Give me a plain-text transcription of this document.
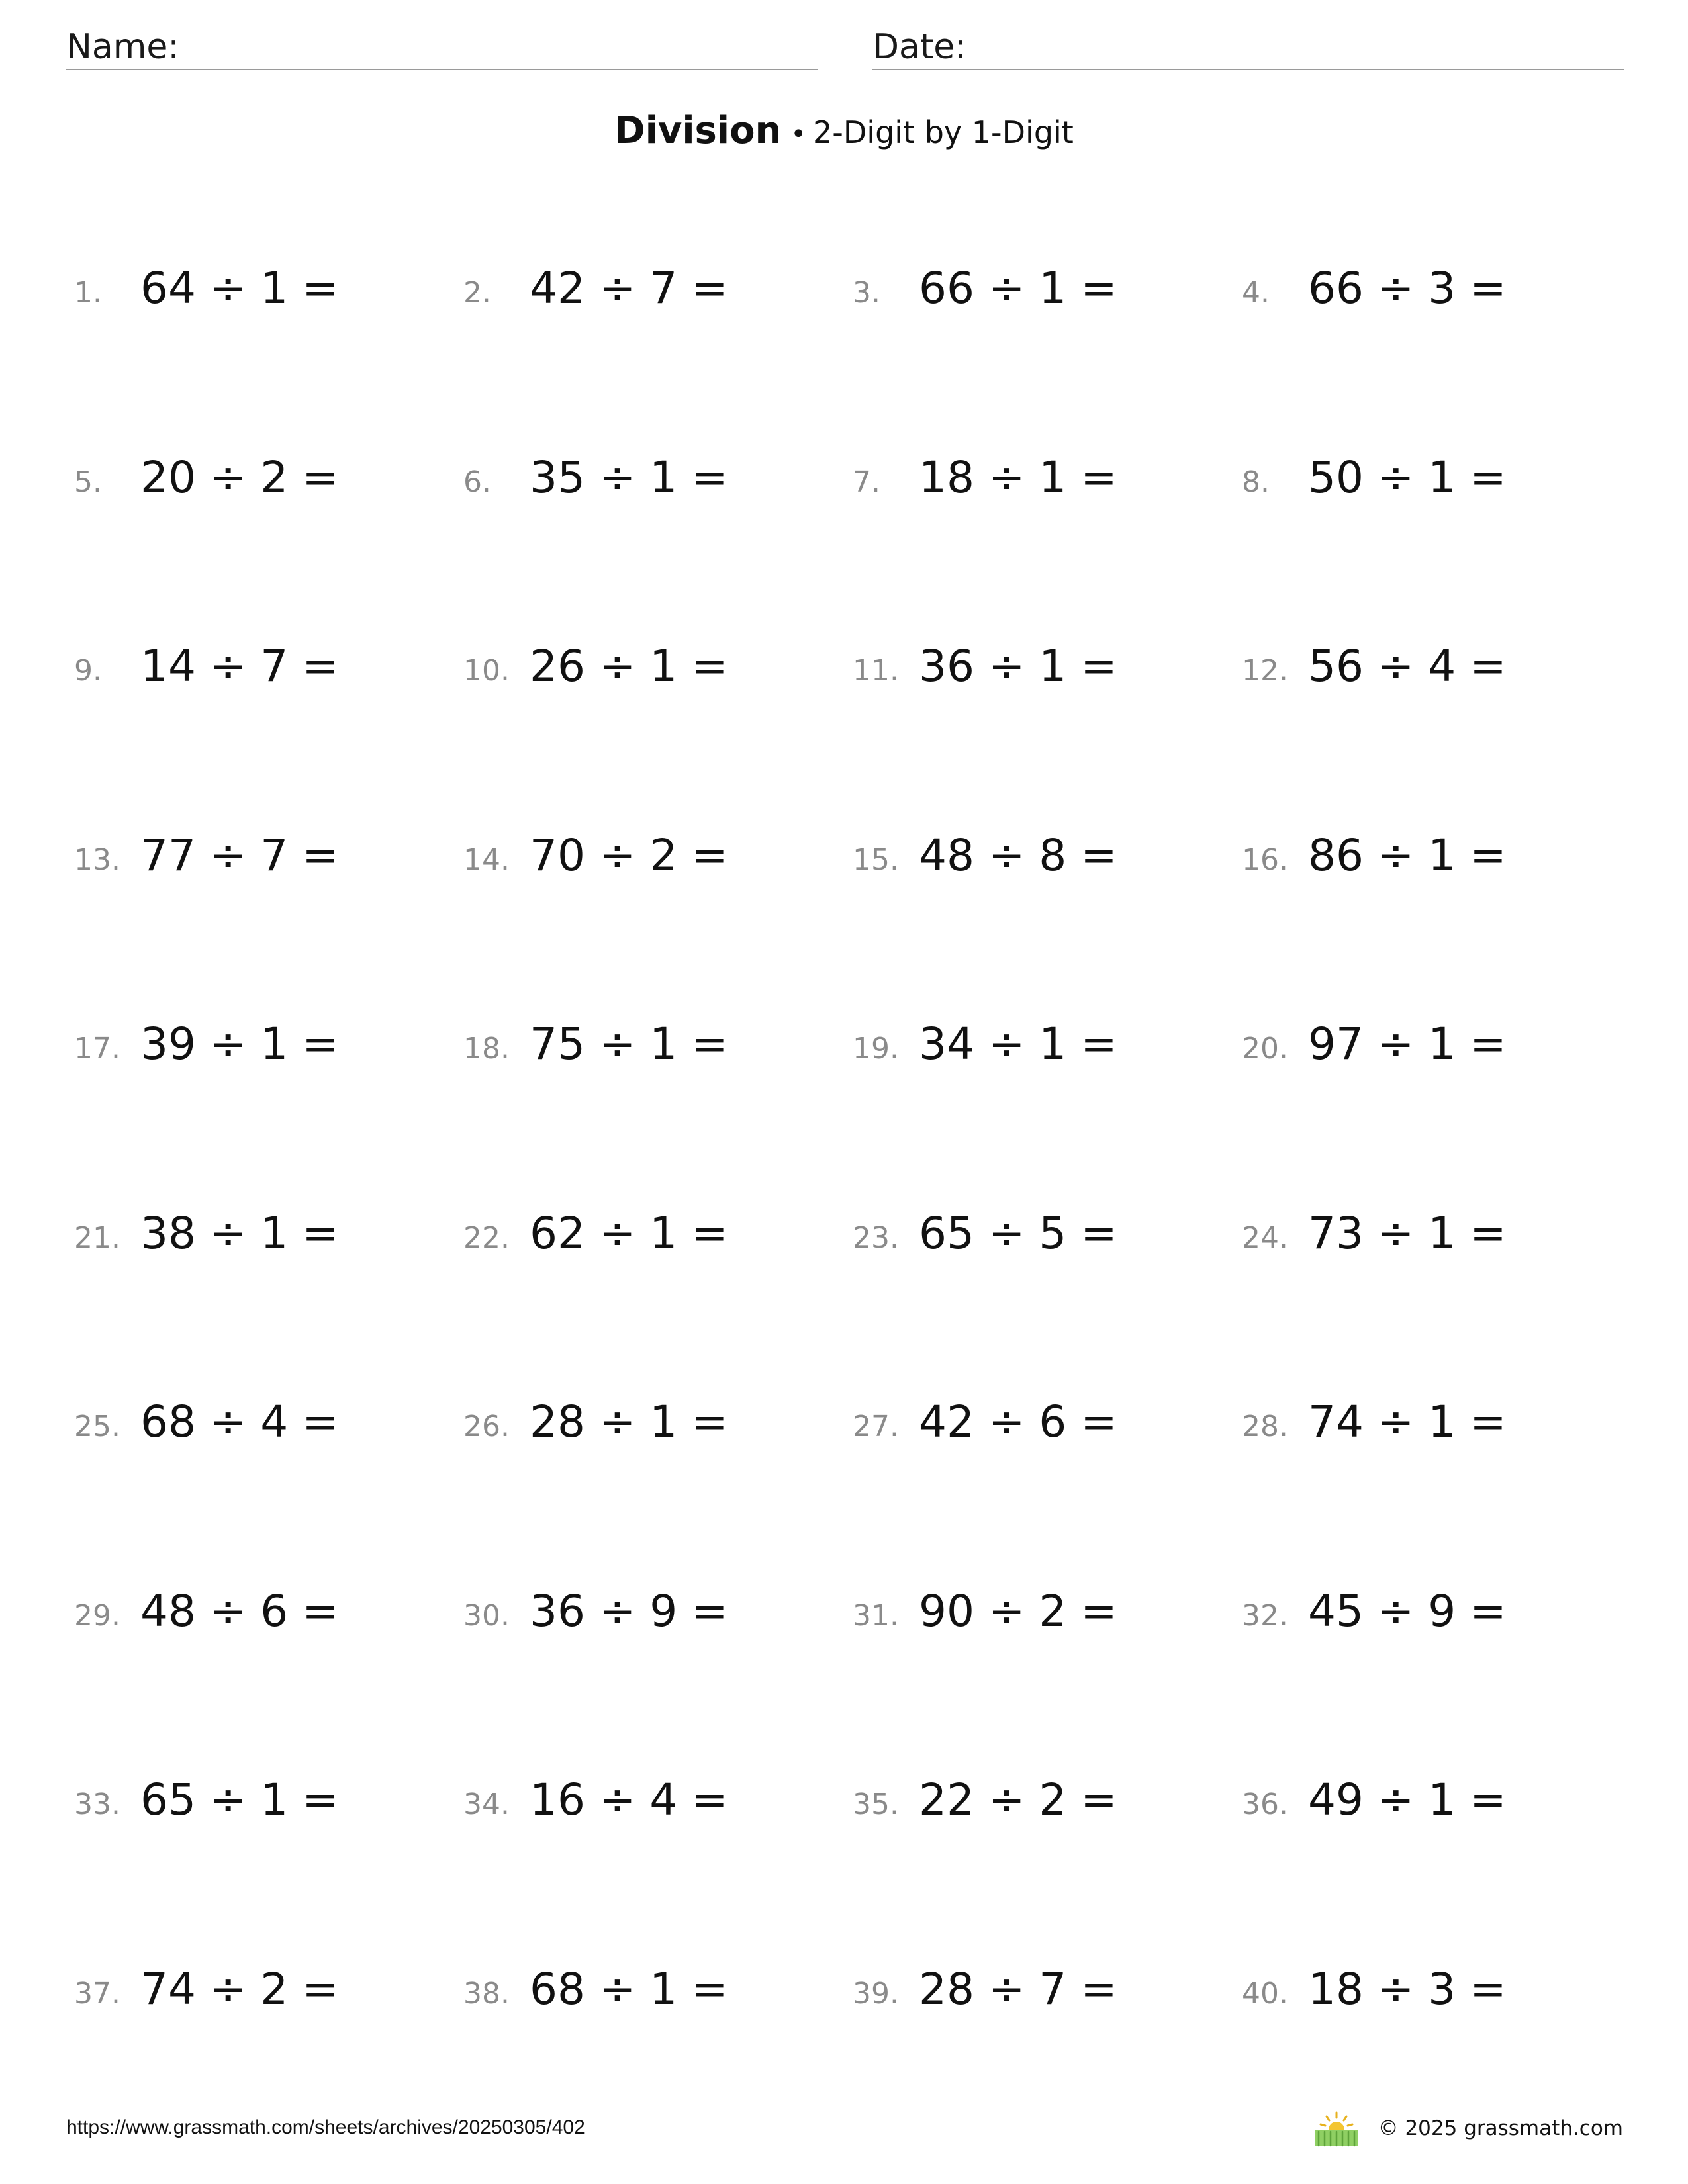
Name:	Date:
Division • 2-Digit by 1-Digit
1. 64 ÷ 1 =	2. 42 ÷ 7 =	3. 66 ÷ 1 =	4. 66 ÷ 3 =
5. 20 ÷ 2 =	6. 35 ÷ 1 =	7. 18 ÷ 1 =	8. 50 ÷ 1 =
9. 14 ÷ 7 =	10. 26 ÷ 1 =	11. 36 ÷ 1 =	12. 56 ÷ 4 =
13. 77 ÷ 7 =	14. 70 ÷ 2 =	15. 48 ÷ 8 =	16. 86 ÷ 1 =
17. 39 ÷ 1 =	18. 75 ÷ 1 =	19. 34 ÷ 1 =	20. 97 ÷ 1 =
21. 38 ÷ 1 =	22. 62 ÷ 1 =	23. 65 ÷ 5 =	24. 73 ÷ 1 =
25. 68 ÷ 4 =	26. 28 ÷ 1 =	27. 42 ÷ 6 =	28. 74 ÷ 1 =
29. 48 ÷ 6 =	30. 36 ÷ 9 =	31. 90 ÷ 2 =	32. 45 ÷ 9 =
33. 65 ÷ 1 =	34. 16 ÷ 4 =	35. 22 ÷ 2 =	36. 49 ÷ 1 =
37. 74 ÷ 2 =	38. 68 ÷ 1 =	39. 28 ÷ 7 =	40. 18 ÷ 3 =
https://www.grassmath.com/sheets/archives/20250305/402	© 2025 grassmath.com
